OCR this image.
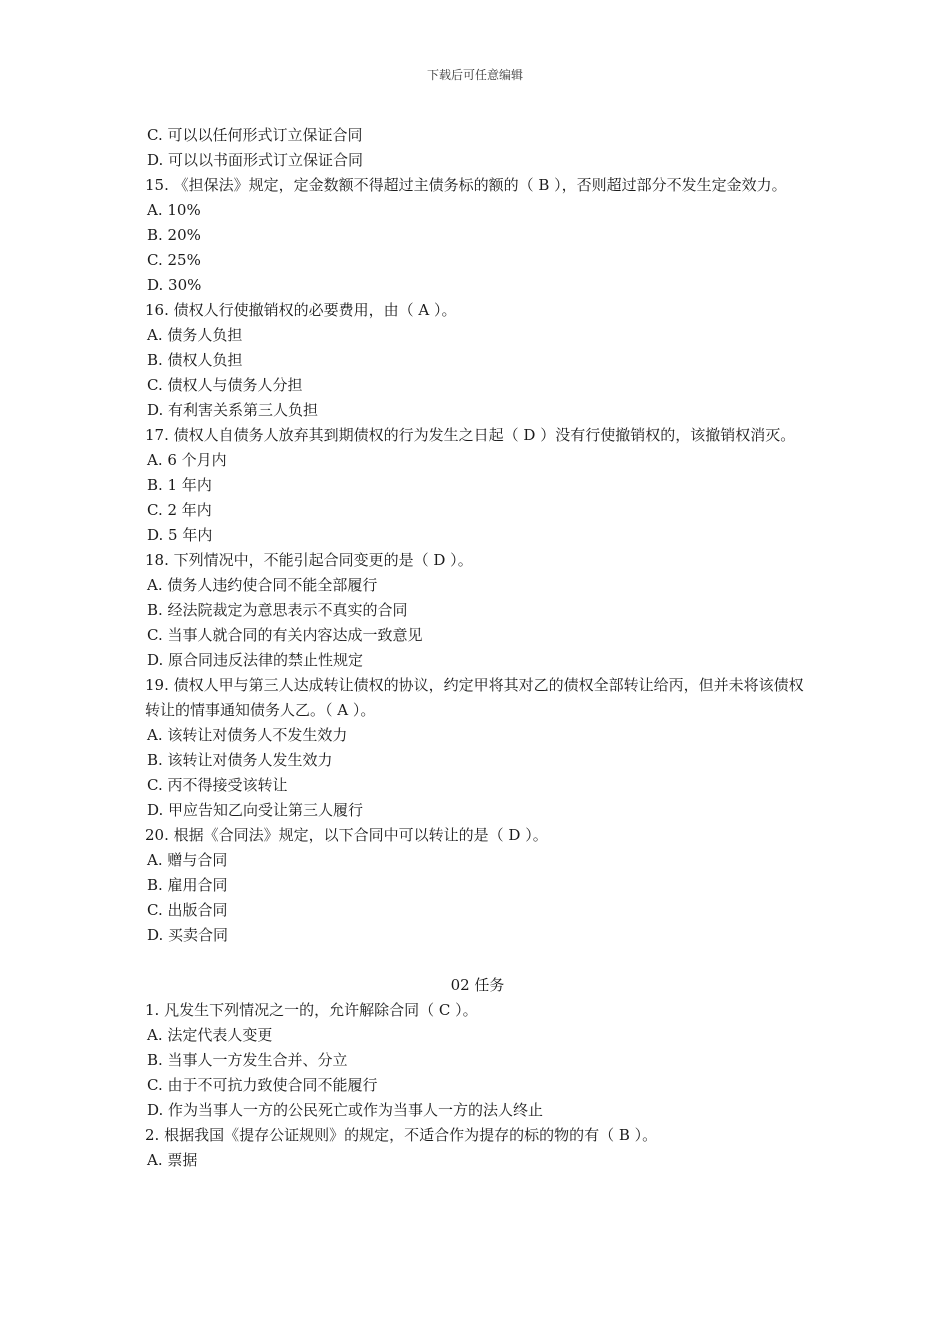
下载后可任意编辑
C. 可以以任何形式订立保证合同
D. 可以以书面形式订立保证合同
15. 《担保法》规定，定金数额不得超过主债务标的额的（ B ），否则超过部分不发生定金效力。
A. 10%
B. 20%
C. 25%
D. 30%
16. 债权人行使撤销权的必要费用，由（ A ）。
A. 债务人负担
B. 债权人负担
C. 债权人与债务人分担
D. 有利害关系第三人负担
17. 债权人自债务人放弃其到期债权的行为发生之日起（ D ）没有行使撤销权的，该撤销权消灭。
A. 6 个月内
B. 1 年内
C. 2 年内
D. 5 年内
18. 下列情况中，不能引起合同变更的是（ D ）。
A. 债务人违约使合同不能全部履行
B. 经法院裁定为意思表示不真实的合同
C. 当事人就合同的有关内容达成一致意见
D. 原合同违反法律的禁止性规定
19. 债权人甲与第三人达成转让债权的协议，约定甲将其对乙的债权全部转让给丙，但并未将该债权转让的情事通知债务人乙。（ A ）。
A. 该转让对债务人不发生效力
B. 该转让对债务人发生效力
C. 丙不得接受该转让
D. 甲应告知乙向受让第三人履行
20. 根据《合同法》规定，以下合同中可以转让的是（ D ）。
A. 赠与合同
B. 雇用合同
C. 出版合同
D. 买卖合同
02 任务
1. 凡发生下列情况之一的，允许解除合同（ C ）。
A. 法定代表人变更
B. 当事人一方发生合并、分立
C. 由于不可抗力致使合同不能履行
D. 作为当事人一方的公民死亡或作为当事人一方的法人终止
2. 根据我国《提存公证规则》的规定，不适合作为提存的标的物的有（ B ）。
A. 票据
